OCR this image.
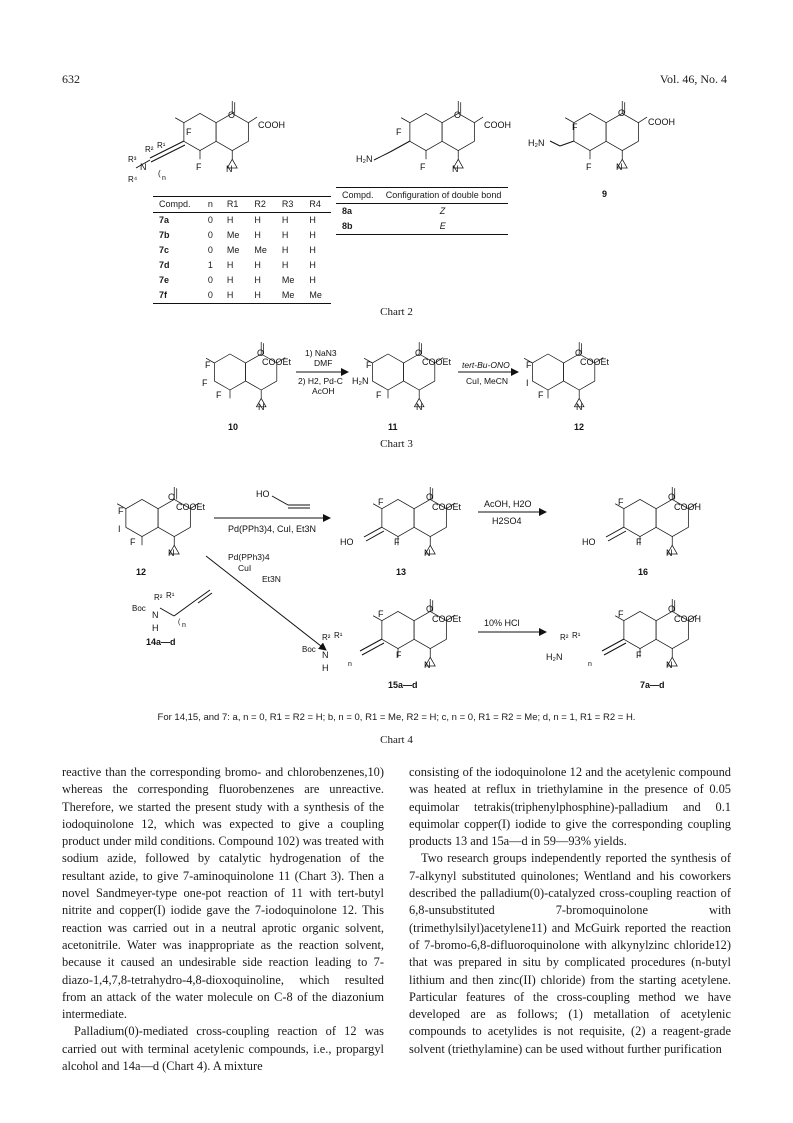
632	Vol. 46, No. 4
F
O
COOH
N
F
R² R¹
R³
N
R⁴
(
n
F
O
COOH
N
F
H₂N
F
O
COOH
N
F
H₂N
9
F
F
F
O
COOEt
N
10
1) NaN3
DMF
2) H2, Pd-C
AcOH
F
H₂N
F
O
COOEt
N
11
tert-Bu-ONO
CuI, MeCN
F
I
F
O
COOEt
N
12
F
I
F
O
COOEt
N
12
HO
Pd(PPh3)4, CuI, Et3N
F
HO	F
O
COOEt
N
13
AcOH, H2O
H2SO4
F
HO	F
O
COOH
N
16
Pd(PPh3)4
CuI
Et3N
R² R¹
Boc
N
H
( n
14a—d
F
F
O
COOEt
N
R² R¹
Boc
N
H	n
15a—d
10% HCl
F
F
O
COOH
N
R² R¹
H₂N
n
7a—d
Compd.	n	R1	R2	R3	R4
7a	0	H	H	H	H
7b	0	Me	H	H	H
7c	0	Me	Me	H	H
7d	1	H	H	H	H
7e	0	H	H	Me	H
7f	0	H	H	Me	Me
Compd.	Configuration of double bond
8a	Z
8b	E
Chart 2
Chart 3
For 14,15, and 7: a, n = 0, R1 = R2 = H; b, n = 0, R1 = Me, R2 = H; c, n = 0, R1 = R2 = Me; d, n = 1, R1 = R2 = H.
Chart 4

reactive than the corresponding bromo- and chlorobenzenes,10) whereas the corresponding fluorobenzenes are unreactive. Therefore, we started the present study with a synthesis of the iodoquinolone 12, which was expected to give a coupling product under mild conditions. Compound 102) was treated with sodium azide, followed by catalytic hydrogenation of the resultant azide, to give 7-aminoquinolone 11 (Chart 3). Then a novel Sandmeyer-type one-pot reaction of 11 with tert-butyl nitrite and copper(I) iodide gave the 7-iodoquinolone 12. This reaction was carried out in a neutral aprotic organic solvent, acetonitrile. Water was inappropriate as the reaction solvent, because it caused an undesirable side reaction leading to 7-diazo-1,4,7,8-tetrahydro-4,8-dioxoquinoline, which resulted from an attack of the water molecule on C-8 of the diazonium intermediate.

Palladium(0)-mediated cross-coupling reaction of 12 was carried out with terminal acetylenic compounds, i.e., propargyl alcohol and 14a—d (Chart 4). A mixture

consisting of the iodoquinolone 12 and the acetylenic compound was heated at reflux in triethylamine in the presence of 0.05 equimolar tetrakis(triphenylphosphine)-palladium and 0.1 equimolar copper(I) iodide to give the corresponding coupling products 13 and 15a—d in 59—93% yields.

Two research groups independently reported the synthesis of 7-alkynyl substituted quinolones; Wentland and his coworkers described the palladium(0)-catalyzed cross-coupling reaction of 6,8-unsubstituted 7-bromoquinolone with (trimethylsilyl)acetylene11) and McGuirk reported the reaction of 7-bromo-6,8-difluoroquinolone with alkynylzinc chloride12) that was prepared in situ by complicated procedures (n-butyl lithium and then zinc(II) chloride) from the starting acetylene. Particular features of the cross-coupling method we have developed are as follows; (1) metallation of acetylenic compounds to acetylides is not requisite, (2) a reagent-grade solvent (triethylamine) can be used without further purification
